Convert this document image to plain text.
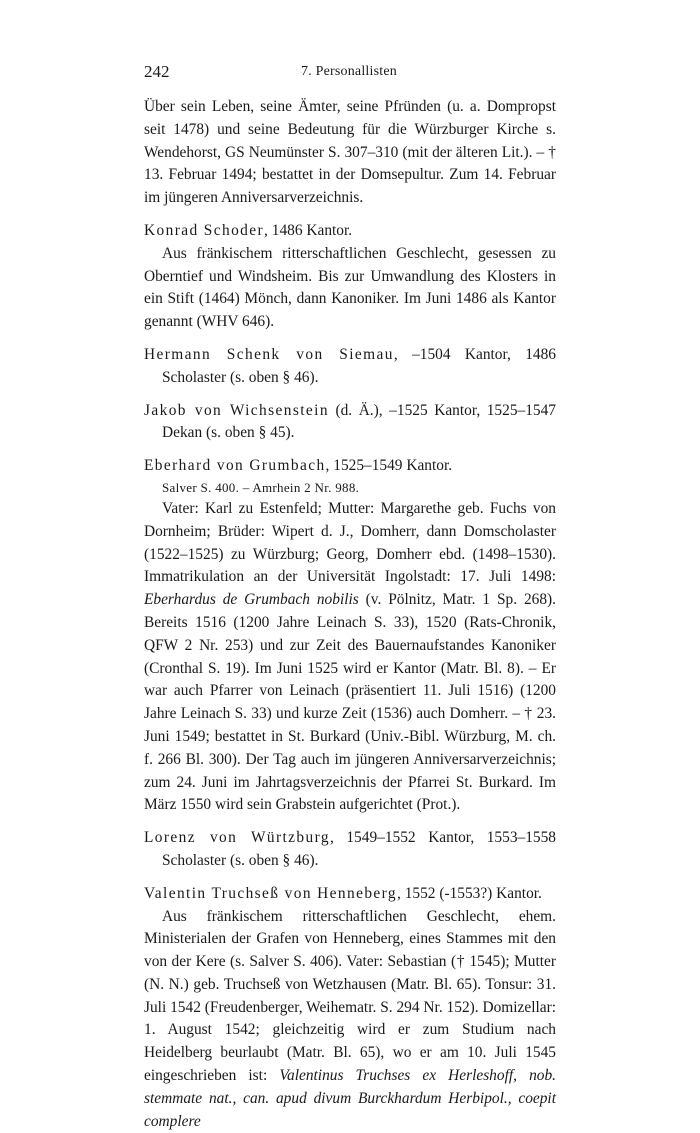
242	7. Personallisten

Über sein Leben, seine Ämter, seine Pfründen (u. a. Dompropst seit 1478) und seine Bedeutung für die Würzburger Kirche s. Wendehorst, GS Neumünster S. 307–310 (mit der älteren Lit.). – † 13. Februar 1494; bestattet in der Domsepultur. Zum 14. Februar im jüngeren Anniversarverzeichnis.

Konrad Schoder, 1486 Kantor.

Aus fränkischem ritterschaftlichen Geschlecht, gesessen zu Oberntief und Windsheim. Bis zur Umwandlung des Klosters in ein Stift (1464) Mönch, dann Kanoniker. Im Juni 1486 als Kantor genannt (WHV 646).

Hermann Schenk von Siemau, –1504 Kantor, 1486 Scholaster (s. oben § 46).

Jakob von Wichsenstein (d. Ä.), –1525 Kantor, 1525–1547 Dekan (s. oben § 45).

Eberhard von Grumbach, 1525–1549 Kantor.

Salver S. 400. – Amrhein 2 Nr. 988.

Vater: Karl zu Estenfeld; Mutter: Margarethe geb. Fuchs von Dornheim; Brüder: Wipert d. J., Domherr, dann Domscholaster (1522–1525) zu Würzburg; Georg, Domherr ebd. (1498–1530). Immatrikulation an der Universität Ingolstadt: 17. Juli 1498: Eberhardus de Grumbach nobilis (v. Pölnitz, Matr. 1 Sp. 268). Bereits 1516 (1200 Jahre Leinach S. 33), 1520 (Rats-Chronik, QFW 2 Nr. 253) und zur Zeit des Bauernaufstandes Kanoniker (Cronthal S. 19). Im Juni 1525 wird er Kantor (Matr. Bl. 8). – Er war auch Pfarrer von Leinach (präsentiert 11. Juli 1516) (1200 Jahre Leinach S. 33) und kurze Zeit (1536) auch Domherr. – † 23. Juni 1549; bestattet in St. Burkard (Univ.-Bibl. Würzburg, M. ch. f. 266 Bl. 300). Der Tag auch im jüngeren Anniversarverzeichnis; zum 24. Juni im Jahrtagsverzeichnis der Pfarrei St. Burkard. Im März 1550 wird sein Grabstein aufgerichtet (Prot.).

Lorenz von Würtzburg, 1549–1552 Kantor, 1553–1558 Scholaster (s. oben § 46).

Valentin Truchseß von Henneberg, 1552 (-1553?) Kantor.

Aus fränkischem ritterschaftlichen Geschlecht, ehem. Ministerialen der Grafen von Henneberg, eines Stammes mit den von der Kere (s. Salver S. 406). Vater: Sebastian († 1545); Mutter (N. N.) geb. Truchseß von Wetzhausen (Matr. Bl. 65). Tonsur: 31. Juli 1542 (Freudenberger, Weihematr. S. 294 Nr. 152). Domizellar: 1. August 1542; gleichzeitig wird er zum Studium nach Heidelberg beurlaubt (Matr. Bl. 65), wo er am 10. Juli 1545 eingeschrieben ist: Valentinus Truchses ex Herleshoff, nob. stemmate nat., can. apud divum Burckhardum Herbipol., coepit complere
